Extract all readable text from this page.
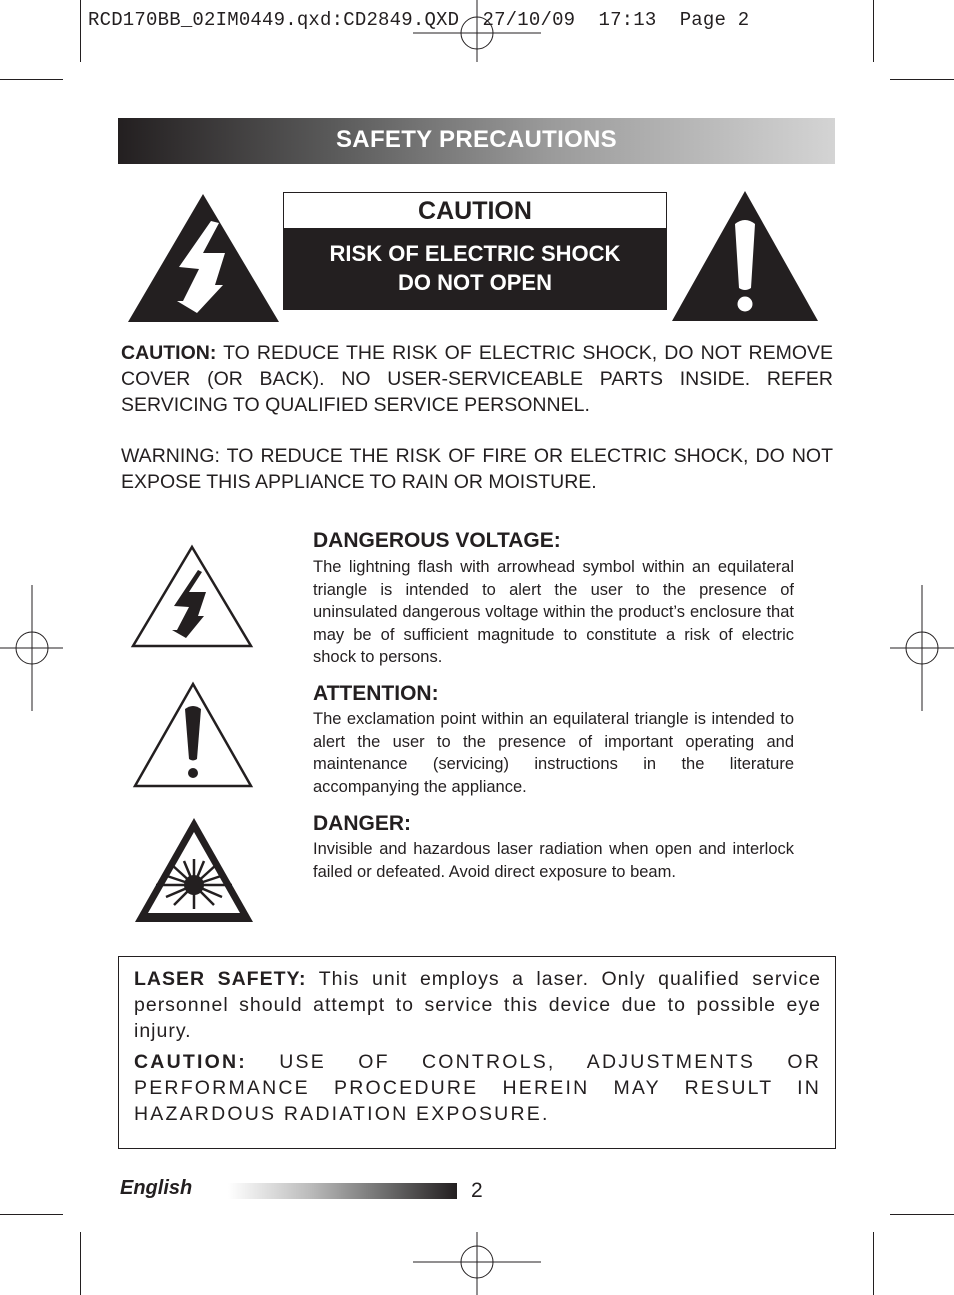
RCD170BB_02IM0449.qxd:CD2849.QXD  27/10/09  17:13  Page 2
SAFETY PRECAUTIONS
CAUTION
RISK OF ELECTRIC SHOCK
DO NOT OPEN
CAUTION: TO REDUCE THE RISK OF ELECTRIC SHOCK, DO NOT REMOVE COVER (OR BACK). NO USER-SERVICEABLE PARTS INSIDE. REFER SERVICING TO QUALIFIED SERVICE PERSONNEL.
WARNING: TO REDUCE THE RISK OF FIRE OR ELECTRIC SHOCK, DO NOT EXPOSE THIS APPLIANCE TO RAIN OR MOISTURE.
DANGEROUS VOLTAGE:
The lightning flash with arrowhead symbol within an equilateral triangle is intended to alert the user to the presence of uninsulated dangerous voltage within the product’s enclosure that may be of sufficient magnitude to constitute a risk of electric shock to persons.
ATTENTION:
The exclamation point within an equilateral triangle is intended to alert the user to the presence of important operating and maintenance (servicing) instructions in the literature accompanying the appliance.
DANGER:
Invisible and hazardous laser radiation when open and interlock failed or defeated. Avoid direct exposure to beam.
LASER SAFETY: This unit employs a laser. Only qualified service personnel should attempt to service this device due to possible eye injury.
CAUTION: USE OF CONTROLS, ADJUSTMENTS OR PERFORMANCE PROCEDURE HEREIN MAY RESULT IN HAZARDOUS RADIATION EXPOSURE.
English	2
